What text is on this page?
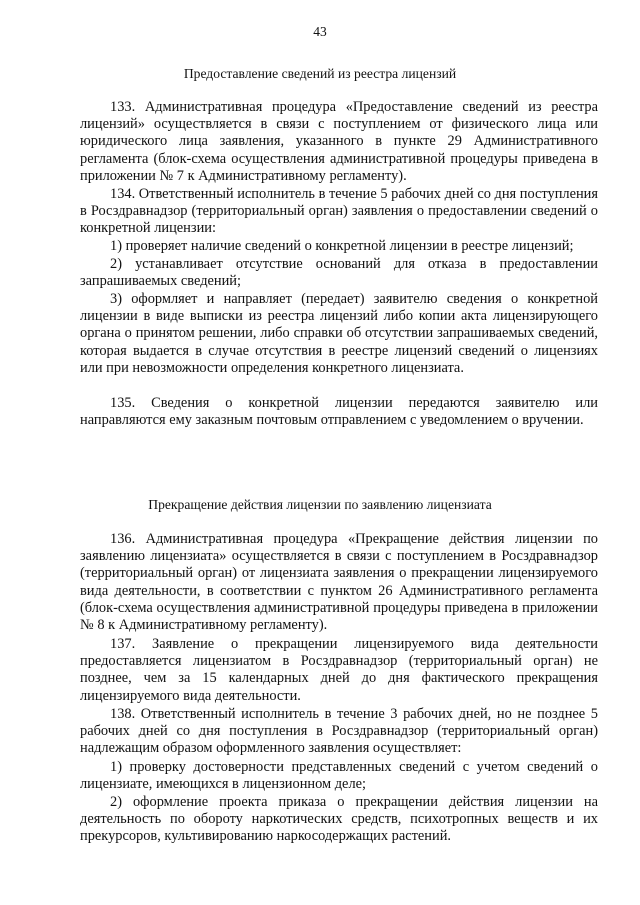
43
Предоставление сведений из реестра лицензий

133. Административная процедура «Предоставление сведений из реестра лицензий» осуществляется в связи с поступлением от физического лица или юридического лица заявления, указанного в пункте 29 Административного регламента (блок-схема осуществления административной процедуры приведена в приложении № 7 к Административному регламенту).

134. Ответственный исполнитель в течение 5 рабочих дней со дня поступления в Росздравнадзор (территориальный орган) заявления о предоставлении сведений о конкретной лицензии:

1) проверяет наличие сведений о конкретной лицензии в реестре лицензий;

2) устанавливает отсутствие оснований для отказа в предоставлении запрашиваемых сведений;

3) оформляет и направляет (передает) заявителю сведения о конкретной лицензии в виде выписки из реестра лицензий либо копии акта лицензирующего органа о принятом решении, либо справки об отсутствии запрашиваемых сведений, которая выдается в случае отсутствия в реестре лицензий сведений о лицензиях или при невозможности определения конкретного лицензиата.

135. Сведения о конкретной лицензии передаются заявителю или направляются ему заказным почтовым отправлением с уведомлением о вручении.

Прекращение действия лицензии по заявлению лицензиата

136. Административная процедура «Прекращение действия лицензии по заявлению лицензиата» осуществляется в связи с поступлением в Росздравнадзор (территориальный орган) от лицензиата заявления о прекращении лицензируемого вида деятельности, в соответствии с пунктом 26 Административного регламента (блок-схема осуществления административной процедуры приведена в приложении № 8 к Административному регламенту).

137. Заявление о прекращении лицензируемого вида деятельности предоставляется лицензиатом в Росздравнадзор (территориальный орган) не позднее, чем за 15 календарных дней до дня фактического прекращения лицензируемого вида деятельности.

138. Ответственный исполнитель в течение 3 рабочих дней, но не позднее 5 рабочих дней со дня поступления в Росздравнадзор (территориальный орган) надлежащим образом оформленного заявления осуществляет:

1) проверку достоверности представленных сведений с учетом сведений о лицензиате, имеющихся в лицензионном деле;

2) оформление проекта приказа о прекращении действия лицензии на деятельность по обороту наркотических средств, психотропных веществ и их прекурсоров, культивированию наркосодержащих растений.
